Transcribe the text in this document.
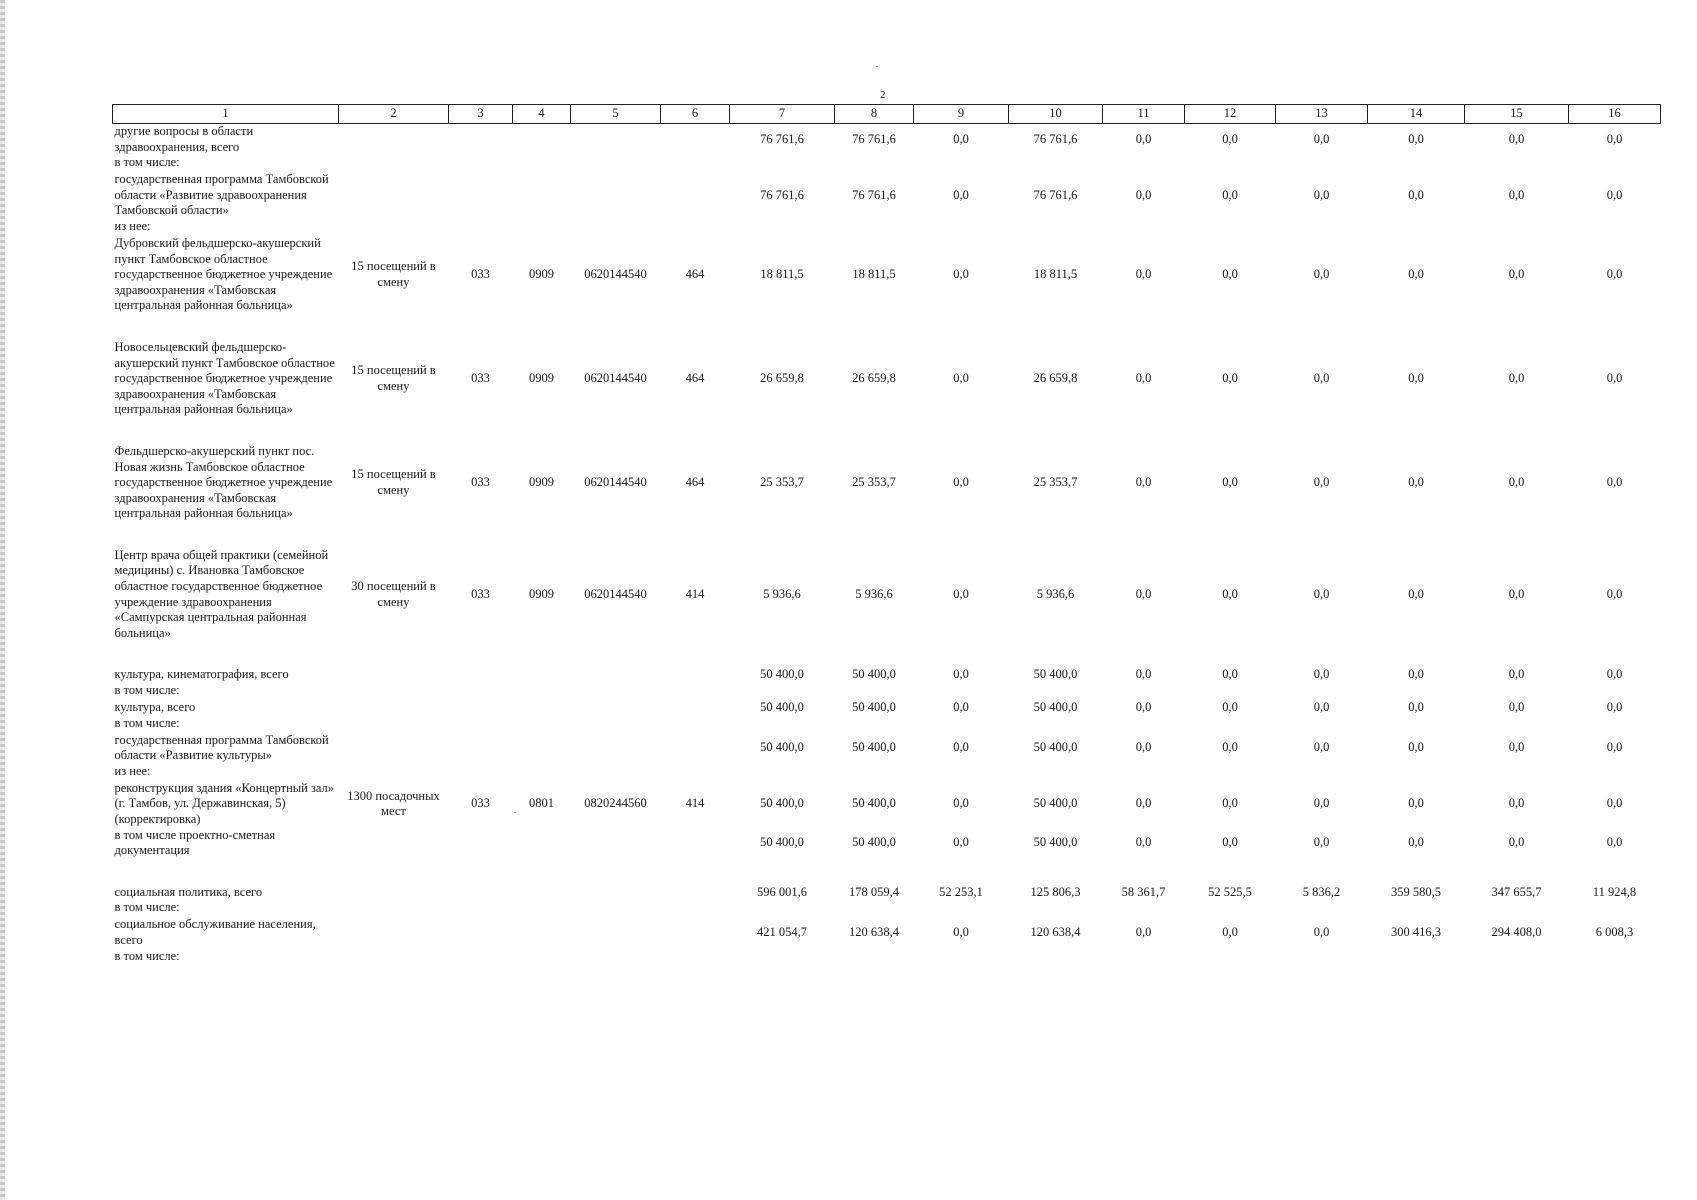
2
1	2	3	4	5	6	7	8	9	10	11	12	13	14	15	16
другие вопросы в области здравоохранения, всего						76 761,6	76 761,6	0,0	76 761,6	0,0	0,0	0,0	0,0	0,0	0,0
в том числе:															
государственная программа Тамбовской области «Развитие здравоохранения Тамбовской области»						76 761,6	76 761,6	0,0	76 761,6	0,0	0,0	0,0	0,0	0,0	0,0
из нее:															
Дубровский фельдшерско-акушерский пункт Тамбовское областное государственное бюджетное учреждение здравоохранения «Тамбовская центральная районная больница»	15 посещений в смену	033	0909	0620144540	464	18 811,5	18 811,5	0,0	18 811,5	0,0	0,0	0,0	0,0	0,0	0,0

Новосельцевский фельдшерско-акушерский пункт Тамбовское областное государственное бюджетное учреждение здравоохранения «Тамбовская центральная районная больница»	15 посещений в смену	033	0909	0620144540	464	26 659,8	26 659,8	0,0	26 659,8	0,0	0,0	0,0	0,0	0,0	0,0

Фельдшерско-акушерский пункт пос. Новая жизнь Тамбовское областное государственное бюджетное учреждение здравоохранения «Тамбовская центральная районная больница»	15 посещений в смену	033	0909	0620144540	464	25 353,7	25 353,7	0,0	25 353,7	0,0	0,0	0,0	0,0	0,0	0,0

Центр врача общей практики (семейной медицины) с. Ивановка Тамбовское областное государственное бюджетное учреждение здравоохранения «Сампурская центральная районная больница»	30 посещений в смену	033	0909	0620144540	414	5 936,6	5 936,6	0,0	5 936,6	0,0	0,0	0,0	0,0	0,0	0,0

культура, кинематография, всего						50 400,0	50 400,0	0,0	50 400,0	0,0	0,0	0,0	0,0	0,0	0,0
в том числе:															
культура, всего						50 400,0	50 400,0	0,0	50 400,0	0,0	0,0	0,0	0,0	0,0	0,0
в том числе:															
государственная программа Тамбовской области «Развитие культуры»						50 400,0	50 400,0	0,0	50 400,0	0,0	0,0	0,0	0,0	0,0	0,0
из нее:															
реконструкция здания «Концертный зал» (г. Тамбов, ул. Державинская, 5) (корректировка)	1300 посадочных мест	033	0801	0820244560	414	50 400,0	50 400,0	0,0	50 400,0	0,0	0,0	0,0	0,0	0,0	0,0
в том числе проектно-сметная документация						50 400,0	50 400,0	0,0	50 400,0	0,0	0,0	0,0	0,0	0,0	0,0

социальная политика, всего						596 001,6	178 059,4	52 253,1	125 806,3	58 361,7	52 525,5	5 836,2	359 580,5	347 655,7	11 924,8
в том числе:															
социальное обслуживание населения, всего						421 054,7	120 638,4	0,0	120 638,4	0,0	0,0	0,0	300 416,3	294 408,0	6 008,3
в том числе:															
